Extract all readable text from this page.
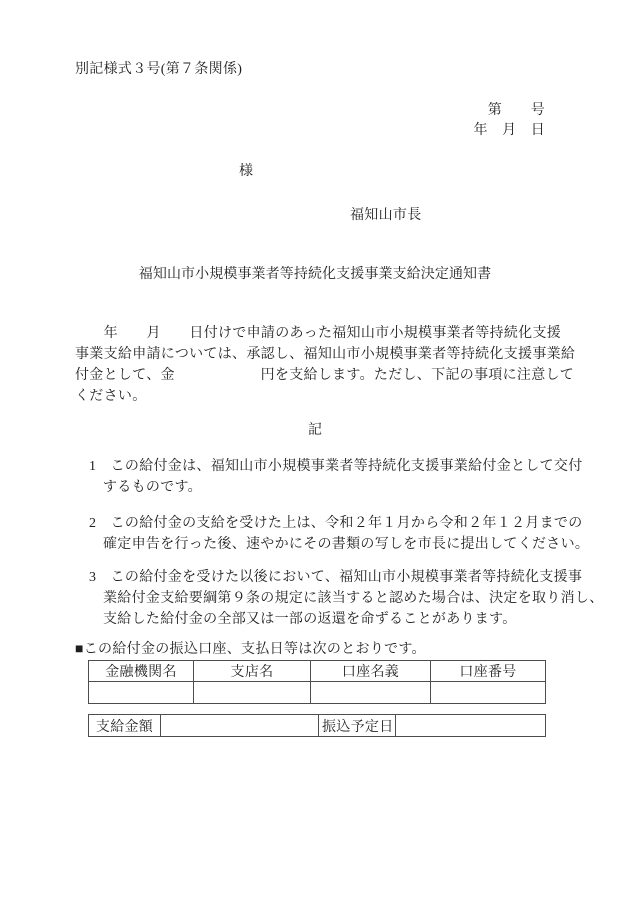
別記様式３号(第７条関係)
第　　号
年　月　日
様
福知山市長
福知山市小規模事業者等持続化支援事業支給決定通知書
　　年　　月　　日付けで申請のあった福知山市小規模事業者等持続化支援
事業支給申請については、承認し、福知山市小規模事業者等持続化支援事業給
付金として、金　　　　　　円を支給します。ただし、下記の事項に注意して
ください。
記
1　この給付金は、福知山市小規模事業者等持続化支援事業給付金として交付
するものです。
2　この給付金の支給を受けた上は、令和２年１月から令和２年１２月までの
確定申告を行った後、速やかにその書類の写しを市長に提出してください。
3　この給付金を受けた以後において、福知山市小規模事業者等持続化支援事
業給付金支給要綱第９条の規定に該当すると認めた場合は、決定を取り消し、
支給した給付金の全部又は一部の返還を命ずることがあります。
■この給付金の振込口座、支払日等は次のとおりです。
金融機関名	支店名	口座名義	口座番号

支給金額		振込予定日	
